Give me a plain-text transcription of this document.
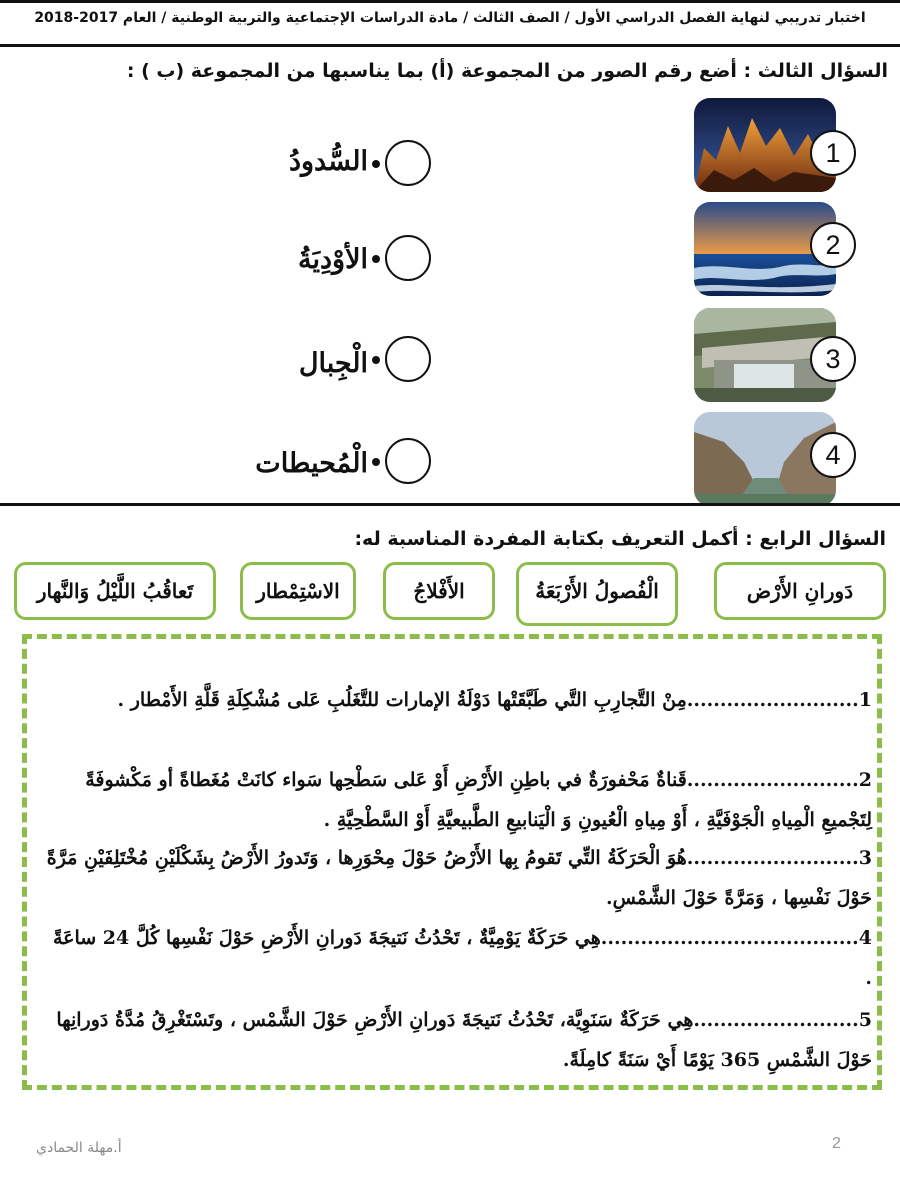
اختبار تدريبي لنهاية الفصل الدراسي الأول / الصف الثالث / مادة الدراسات الإجتماعية والتربية الوطنية / العام 2017-2018
السؤال الثالث : أضع رقم الصور من المجموعة (أ) بما يناسبها من المجموعة (ب ) :
1
2
3
4
السُّدودُ
الأوْدِيَةُ
الْجِبال
الْمُحيطات
السؤال الرابع : أكمل التعريف بكتابة المفردة المناسبة له:
دَورانِ الأَرْض
الْفُصولُ الأَرْبَعَةُ
الأَفْلاجُ
الاسْتِمْطار
تَعاقُبُ اللَّيْلُ وَالنَّهار
1..........................مِنْ التَّجارِبِ التَّي طَبَّقَتْها دَوْلَةُ الإمارات للتَّغَلُبِ عَلى مُشْكِلَةِ قَلَّةِ الأَمْطار .
2..........................قَناةٌ مَحْفورَةٌ في باطِنِ الأَرْضِ أَوْ عَلى سَطْحِها سَواء كانَتْ مُغَطاةً أو مَكْشوفَةً لِتَجْميعِ الْمِياهِ الْجَوْفَيَّةِ ، أَوْ مِياهِ الْعُيونِ وَ الْيَنابيعِ الطَّبيعيَّةِ أَوْ السَّطْحِيَّةِ .
3..........................هُوَ الْحَرَكَةُ التِّي تَقومُ بِها الأَرْضُ حَوْلَ مِحْوَرِها ، وَتَدورُ الأَرْضُ بِشَكْلَيْنِ مُخْتَلِفَيْنِ مَرَّةً حَوْلَ نَفْسِها ، وَمَرَّةً حَوْلَ الشَّمْسِ.
4.......................................هِي حَرَكَةٌ يَوْمِيَّةٌ ، تَحْدُثُ نَتيجَةَ دَورانِ الأَرْضِ حَوْلَ نَفْسِها كُلَّ 24 ساعَةً .
5.........................هِي حَرَكَةٌ سَنَوِيَّة، تَحْدُثُ نَتيجَةَ دَورانِ الأَرْضِ حَوْلَ الشَّمْس ، وتَسْتَغْرِقُ مُدَّةُ دَورانِها حَوْلَ الشَّمْسِ 365 يَوْمًا أَيْ سَنَةً كامِلَةً.
أ.مهلة الحمادي	2
